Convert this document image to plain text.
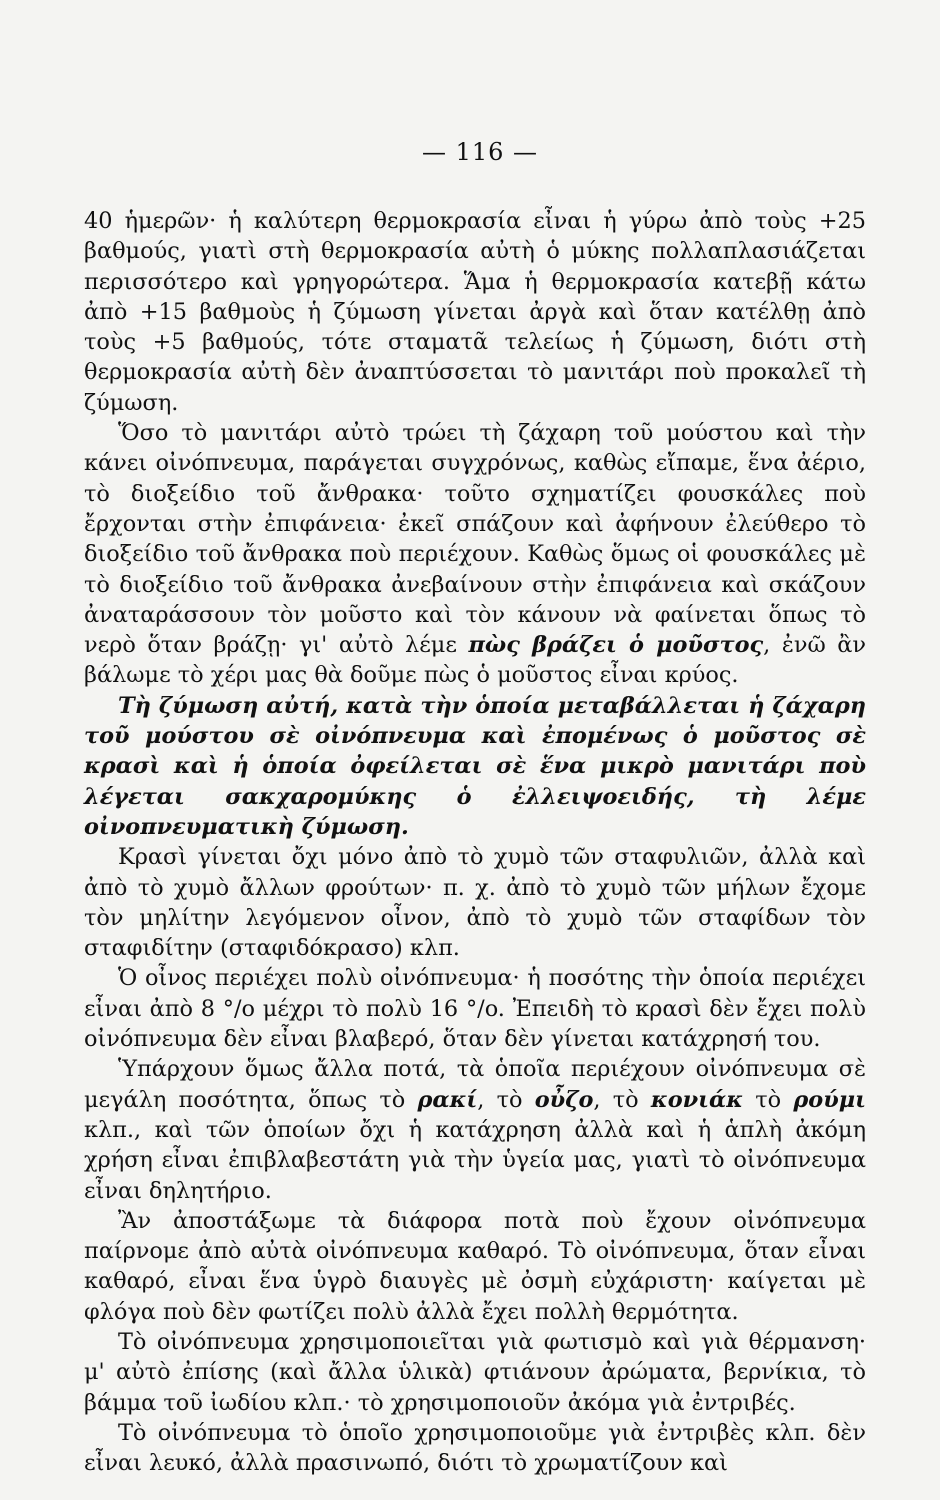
— 116 —

40 ἡμερῶν· ἡ καλύτερη θερμοκρασία εἶναι ἡ γύρω ἀπὸ τοὺς +25 βαθμούς, γιατὶ στὴ θερμοκρασία αὐτὴ ὁ μύκης πολλαπλασιάζεται περισσότερο καὶ γρηγορώτερα. Ἅμα ἡ θερμοκρασία κατεβῇ κάτω ἀπὸ +15 βαθμοὺς ἡ ζύμωση γίνεται ἀργὰ καὶ ὅταν κατέλθῃ ἀπὸ τοὺς +5 βαθμούς, τότε σταματᾶ τελείως ἡ ζύμωση, διότι στὴ θερμοκρασία αὐτὴ δὲν ἀναπτύσσεται τὸ μανιτάρι ποὺ προκαλεῖ τὴ ζύμωση.

Ὅσο τὸ μανιτάρι αὐτὸ τρώει τὴ ζάχαρη τοῦ μούστου καὶ τὴν κάνει οἰνόπνευμα, παράγεται συγχρόνως, καθὼς εἴπαμε, ἕνα ἀέριο, τὸ διοξείδιο τοῦ ἄνθρακα· τοῦτο σχηματίζει φουσκάλες ποὺ ἔρχονται στὴν ἐπιφάνεια· ἐκεῖ σπάζουν καὶ ἀφήνουν ἐλεύθερο τὸ διοξείδιο τοῦ ἄνθρακα ποὺ περιέχουν. Καθὼς ὅμως οἱ φουσκάλες μὲ τὸ διοξείδιο τοῦ ἄνθρακα ἀνεβαίνουν στὴν ἐπιφάνεια καὶ σκάζουν ἀναταράσσουν τὸν μοῦστο καὶ τὸν κάνουν νὰ φαίνεται ὅπως τὸ νερὸ ὅταν βράζῃ· γι' αὐτὸ λέμε πὼς βράζει ὁ μοῦστος, ἐνῶ ἂν βάλωμε τὸ χέρι μας θὰ δοῦμε πὼς ὁ μοῦστος εἶναι κρύος.

Τὴ ζύμωση αὐτή, κατὰ τὴν ὁποία μεταβάλλεται ἡ ζάχαρη τοῦ μούστου σὲ οἰνόπνευμα καὶ ἐπομένως ὁ μοῦστος σὲ κρασὶ καὶ ἡ ὁποία ὀφείλεται σὲ ἕνα μικρὸ μανιτάρι ποὺ λέγεται σακχαρομύκης ὁ ἐλλειψοειδής, τὴ λέμε οἰνοπνευματικὴ ζύμωση.

Κρασὶ γίνεται ὄχι μόνο ἀπὸ τὸ χυμὸ τῶν σταφυλιῶν, ἀλλὰ καὶ ἀπὸ τὸ χυμὸ ἄλλων φρούτων· π. χ. ἀπὸ τὸ χυμὸ τῶν μήλων ἔχομε τὸν μηλίτην λεγόμενον οἶνον, ἀπὸ τὸ χυμὸ τῶν σταφίδων τὸν σταφιδίτην (σταφιδόκρασο) κλπ.

Ὁ οἶνος περιέχει πολὺ οἰνόπνευμα· ἡ ποσότης τὴν ὁποία περιέχει εἶναι ἀπὸ 8 °/o μέχρι τὸ πολὺ 16 °/o. Ἐπειδὴ τὸ κρασὶ δὲν ἔχει πολὺ οἰνόπνευμα δὲν εἶναι βλαβερό, ὅταν δὲν γίνεται κατάχρησή του.

Ὑπάρχουν ὅμως ἄλλα ποτά, τὰ ὁποῖα περιέχουν οἰνόπνευμα σὲ μεγάλη ποσότητα, ὅπως τὸ ρακί, τὸ οὖζο, τὸ κονιάκ τὸ ρούμι κλπ., καὶ τῶν ὁποίων ὄχι ἡ κατάχρηση ἀλλὰ καὶ ἡ ἁπλὴ ἀκόμη χρήση εἶναι ἐπιβλαβεστάτη γιὰ τὴν ὑγεία μας, γιατὶ τὸ οἰνόπνευμα εἶναι δηλητήριο.

Ἂν ἀποστάξωμε τὰ διάφορα ποτὰ ποὺ ἔχουν οἰνόπνευμα παίρνομε ἀπὸ αὐτὰ οἰνόπνευμα καθαρό. Τὸ οἰνόπνευμα, ὅταν εἶναι καθαρό, εἶναι ἕνα ὑγρὸ διαυγὲς μὲ ὀσμὴ εὐχάριστη· καίγεται μὲ φλόγα ποὺ δὲν φωτίζει πολὺ ἀλλὰ ἔχει πολλὴ θερμότητα.

Τὸ οἰνόπνευμα χρησιμοποιεῖται γιὰ φωτισμὸ καὶ γιὰ θέρμανση· μ' αὐτὸ ἐπίσης (καὶ ἄλλα ὑλικὰ) φτιάνουν ἀρώματα, βερνίκια, τὸ βάμμα τοῦ ἰωδίου κλπ.· τὸ χρησιμοποιοῦν ἀκόμα γιὰ ἐντριβές.

Τὸ οἰνόπνευμα τὸ ὁποῖο χρησιμοποιοῦμε γιὰ ἐντριβὲς κλπ. δὲν εἶναι λευκό, ἀλλὰ πρασινωπό, διότι τὸ χρωματίζουν καὶ
